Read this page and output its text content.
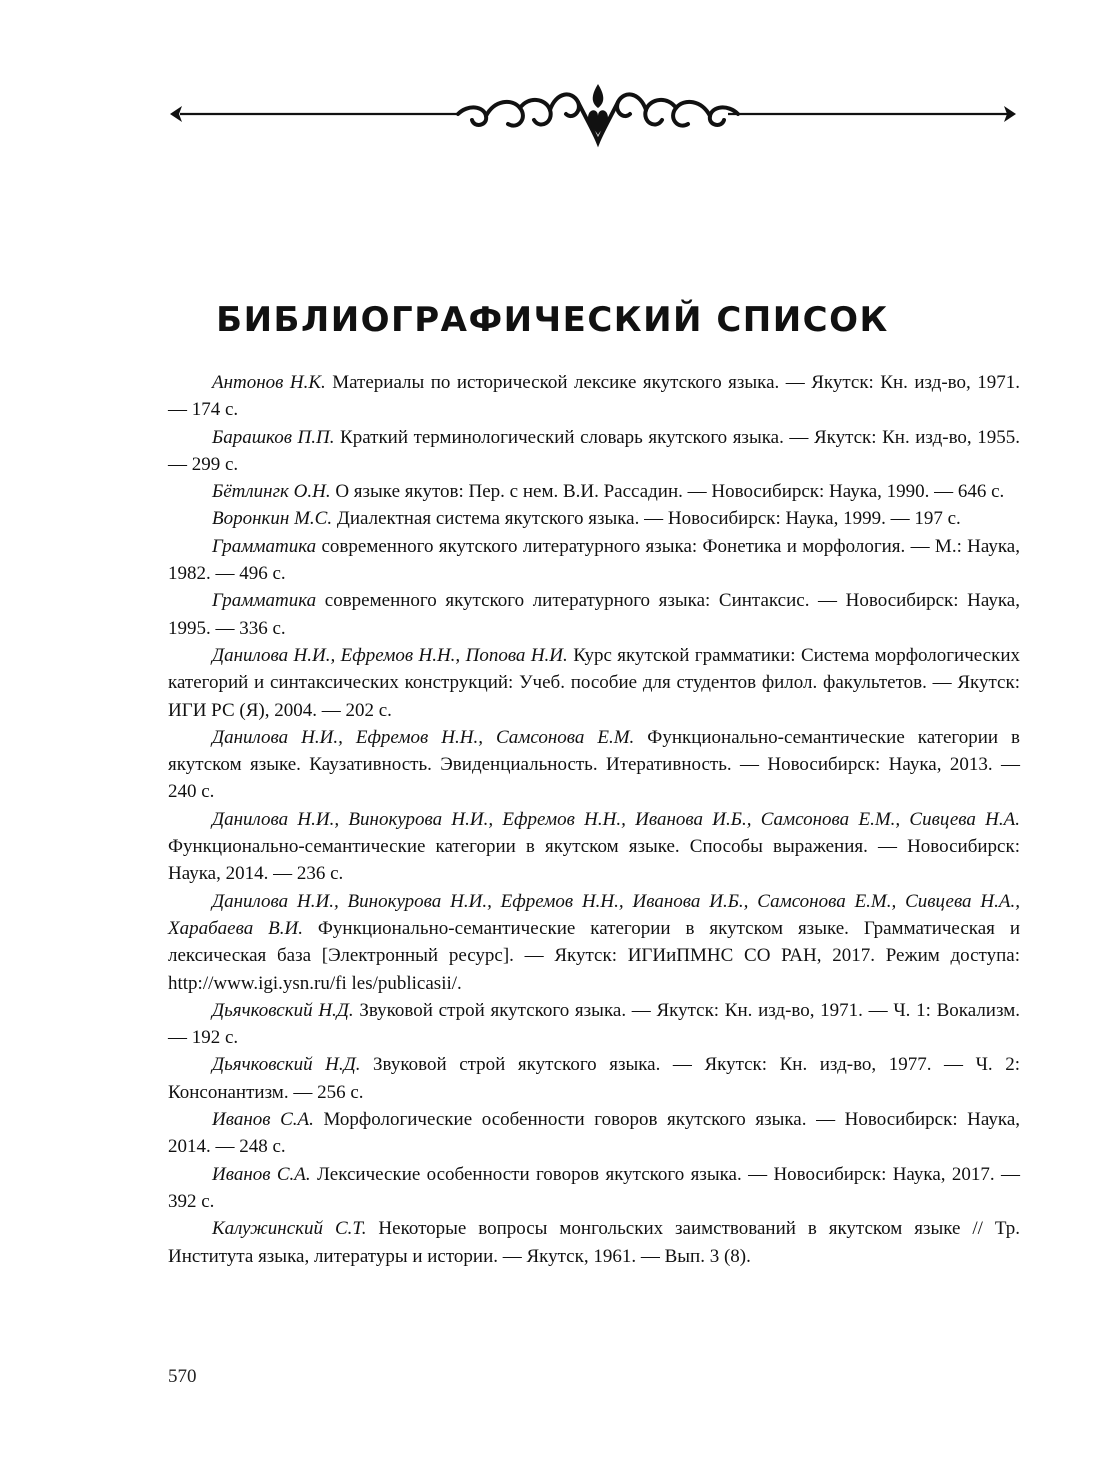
БИБЛИОГРАФИЧЕСКИЙ СПИСОК
Антонов Н.К. Материалы по исторической лексике якутского языка. — Якутск: Кн. изд-во, 1971. — 174 с.
Барашков П.П. Краткий терминологический словарь якутского языка. — Якутск: Кн. изд-во, 1955. — 299 с.
Бётлингк О.Н. О языке якутов: Пер. с нем. В.И. Рассадин. — Новосибирск: Наука, 1990. — 646 с.
Воронкин М.С. Диалектная система якутского языка. — Новосибирск: Наука, 1999. — 197 с.
Грамматика современного якутского литературного языка: Фонетика и морфология. — М.: Наука, 1982. — 496 с.
Грамматика современного якутского литературного языка: Синтаксис. — Новосибирск: Наука, 1995. — 336 с.
Данилова Н.И., Ефремов Н.Н., Попова Н.И. Курс якутской грамматики: Система морфологических категорий и синтаксических конструкций: Учеб. пособие для студентов филол. факультетов. — Якутск: ИГИ РС (Я), 2004. — 202 с.
Данилова Н.И., Ефремов Н.Н., Самсонова Е.М. Функционально-семантические категории в якутском языке. Каузативность. Эвиденциальность. Итеративность. — Новосибирск: Наука, 2013. — 240 с.
Данилова Н.И., Винокурова Н.И., Ефремов Н.Н., Иванова И.Б., Самсонова Е.М., Сивцева Н.А. Функционально-семантические категории в якутском языке. Способы выражения. — Новосибирск: Наука, 2014. — 236 с.
Данилова Н.И., Винокурова Н.И., Ефремов Н.Н., Иванова И.Б., Самсонова Е.М., Сивцева Н.А., Харабаева В.И. Функционально-семантические категории в якутском языке. Грамматическая и лексическая база [Электронный ресурс]. — Якутск: ИГИиПМНС СО РАН, 2017. Режим доступа: http://www.igi.ysn.ru/fi les/publicasii/.
Дьячковский Н.Д. Звуковой строй якутского языка. — Якутск: Кн. изд-во, 1971. — Ч. 1: Вокализм. — 192 с.
Дьячковский Н.Д. Звуковой строй якутского языка. — Якутск: Кн. изд-во, 1977. — Ч. 2: Консонантизм. — 256 с.
Иванов С.А. Морфологические особенности говоров якутского языка. — Новосибирск: Наука, 2014. — 248 с.
Иванов С.А. Лексические особенности говоров якутского языка. — Новосибирск: Наука, 2017. — 392 с.
Калужинский С.Т. Некоторые вопросы монгольских заимствований в якутском языке // Тр. Института языка, литературы и истории. — Якутск, 1961. — Вып. 3 (8).
570
